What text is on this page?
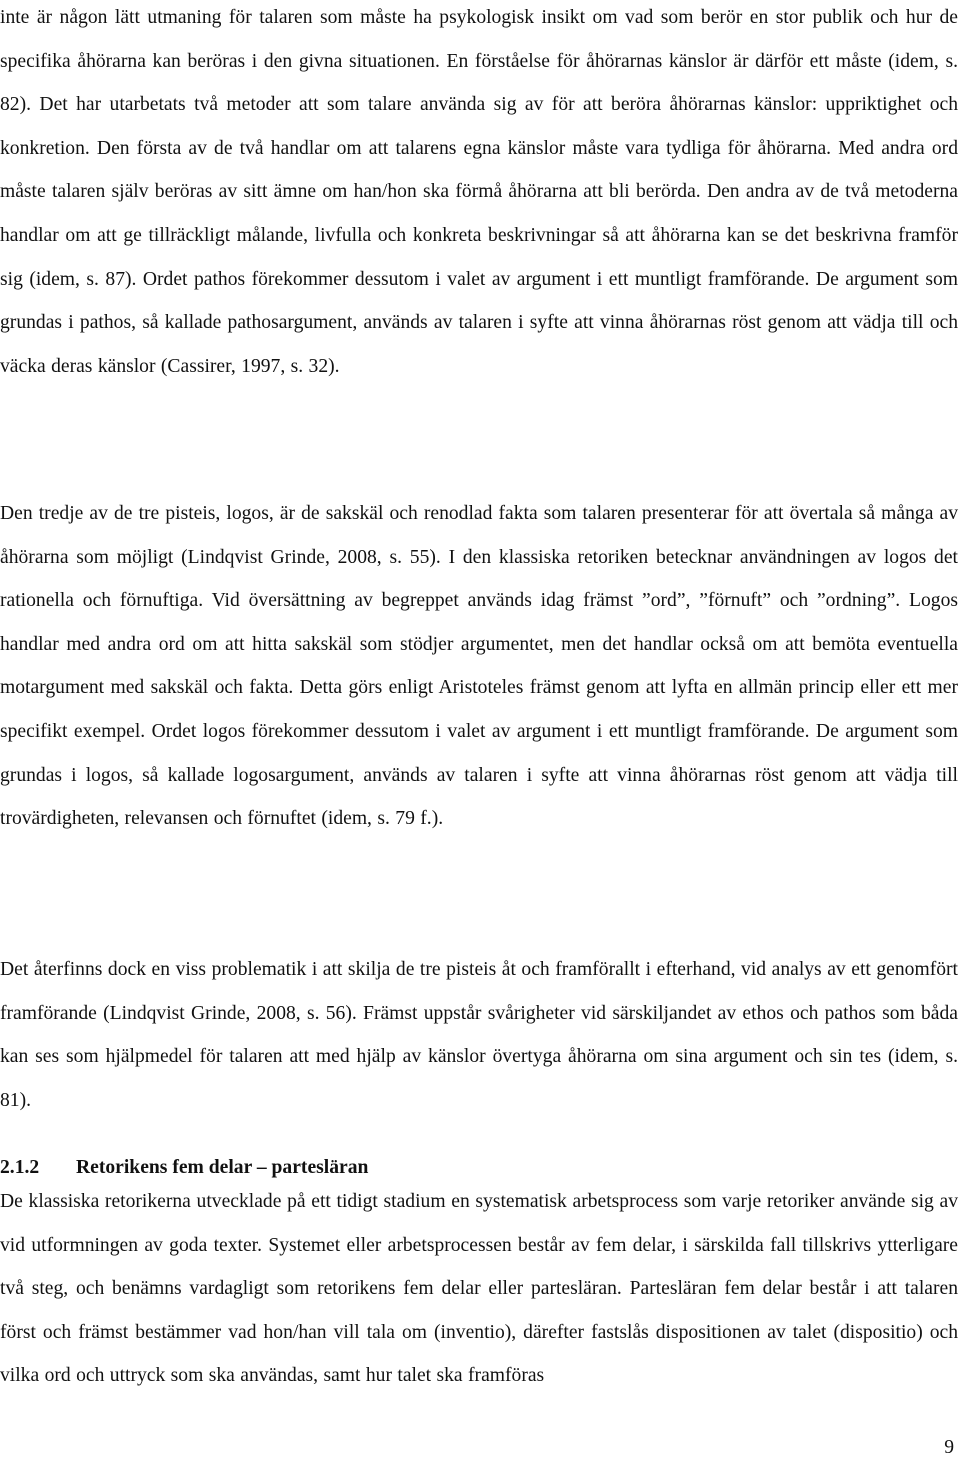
inte är någon lätt utmaning för talaren som måste ha psykologisk insikt om vad som berör en stor publik och hur de specifika åhörarna kan beröras i den givna situationen. En förståelse för åhörarnas känslor är därför ett måste (idem, s. 82). Det har utarbetats två metoder att som talare använda sig av för att beröra åhörarnas känslor: uppriktighet och konkretion. Den första av de två handlar om att talarens egna känslor måste vara tydliga för åhörarna. Med andra ord måste talaren själv beröras av sitt ämne om han/hon ska förmå åhörarna att bli berörda. Den andra av de två metoderna handlar om att ge tillräckligt målande, livfulla och konkreta beskrivningar så att åhörarna kan se det beskrivna framför sig (idem, s. 87). Ordet pathos förekommer dessutom i valet av argument i ett muntligt framförande. De argument som grundas i pathos, så kallade pathosargument, används av talaren i syfte att vinna åhörarnas röst genom att vädja till och väcka deras känslor (Cassirer, 1997, s. 32).

Den tredje av de tre pisteis, logos, är de sakskäl och renodlad fakta som talaren presenterar för att övertala så många av åhörarna som möjligt (Lindqvist Grinde, 2008, s. 55). I den klassiska retoriken betecknar användningen av logos det rationella och förnuftiga. Vid översättning av begreppet används idag främst ”ord”, ”förnuft” och ”ordning”. Logos handlar med andra ord om att hitta sakskäl som stödjer argumentet, men det handlar också om att bemöta eventuella motargument med sakskäl och fakta. Detta görs enligt Aristoteles främst genom att lyfta en allmän princip eller ett mer specifikt exempel. Ordet logos förekommer dessutom i valet av argument i ett muntligt framförande. De argument som grundas i logos, så kallade logosargument, används av talaren i syfte att vinna åhörarnas röst genom att vädja till trovärdigheten, relevansen och förnuftet (idem, s. 79 f.).

Det återfinns dock en viss problematik i att skilja de tre pisteis åt och framförallt i efterhand, vid analys av ett genomfört framförande (Lindqvist Grinde, 2008, s. 56). Främst uppstår svårigheter vid särskiljandet av ethos och pathos som båda kan ses som hjälpmedel för talaren att med hjälp av känslor övertyga åhörarna om sina argument och sin tes (idem, s. 81).

2.1.2 Retorikens fem delar – partesläran

De klassiska retorikerna utvecklade på ett tidigt stadium en systematisk arbetsprocess som varje retoriker använde sig av vid utformningen av goda texter. Systemet eller arbetsprocessen består av fem delar, i särskilda fall tillskrivs ytterligare två steg, och benämns vardagligt som retorikens fem delar eller partesläran. Partesläran fem delar består i att talaren först och främst bestämmer vad hon/han vill tala om (inventio), därefter fastslås dispositionen av talet (dispositio) och vilka ord och uttryck som ska användas, samt hur talet ska framföras

9
